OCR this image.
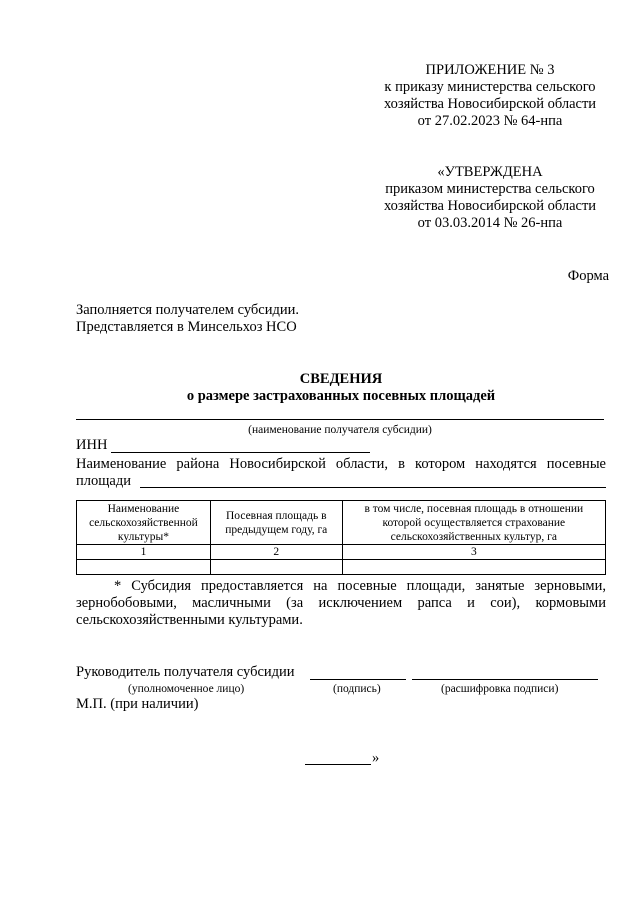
ПРИЛОЖЕНИЕ № 3
к приказу министерства сельского
хозяйства Новосибирской области
от 27.02.2023 № 64-нпа
«УТВЕРЖДЕНА
приказом министерства сельского
хозяйства Новосибирской области
от 03.03.2014 № 26-нпа
Форма
Заполняется получателем субсидии.
Представляется в Минсельхоз НСО
СВЕДЕНИЯ
о размере застрахованных посевных площадей
(наименование получателя субсидии)
ИНН
Наименование района Новосибирской области, в котором находятся посевные
площади
Наименование сельскохозяйственной культуры*	Посевная площадь в предыдущем году, га	в том числе, посевная площадь в отношении которой осуществляется страхование сельскохозяйственных культур, га
1	2	3

* Субсидия предоставляется на посевные площади, занятые зерновыми, зернобобовыми, масличными (за исключением рапса и сои), кормовыми сельскохозяйственными культурами.
Руководитель получателя субсидии
(уполномоченное лицо)	(подпись)	(расшифровка подписи)
М.П. (при наличии)
»
